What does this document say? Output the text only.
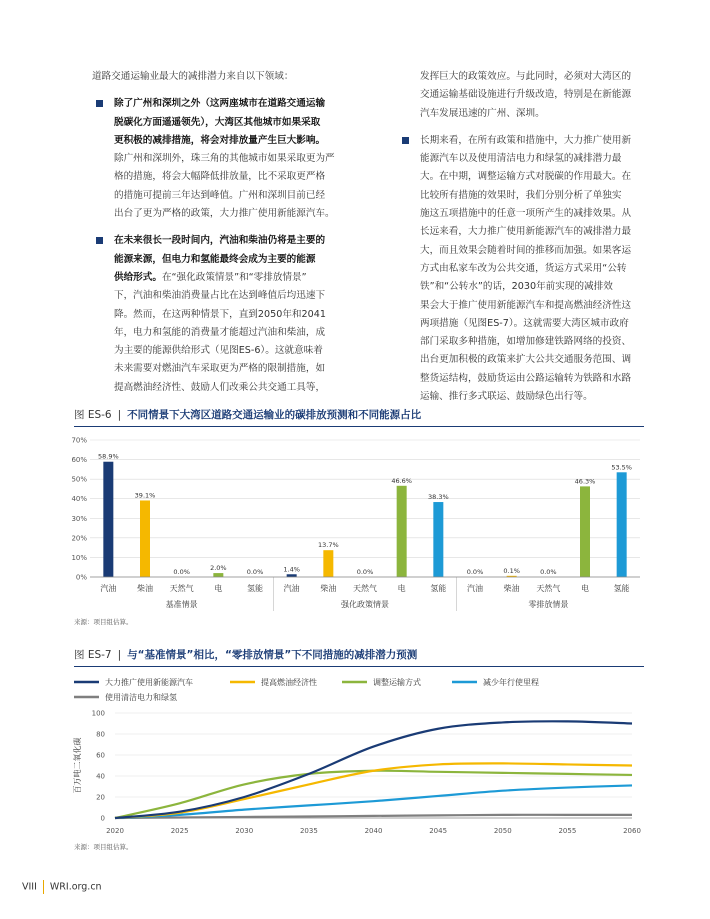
道路交通运输业最大的减排潜力来自以下领域：

除了广州和深圳之外（这两座城市在道路交通运输

脱碳化方面遥遥领先），大湾区其他城市如果采取

更积极的减排措施，将会对排放量产生巨大影响。

除广州和深圳外，珠三角的其他城市如果采取更为严

格的措施，将会大幅降低排放量，比不采取更严格

的措施可提前三年达到峰值。广州和深圳目前已经

出台了更为严格的政策，大力推广使用新能源汽车。

在未来很长一段时间内，汽油和柴油仍将是主要的

能源来源，但电力和氢能最终会成为主要的能源

供给形式。在“强化政策情景”和“零排放情景”

下，汽油和柴油消费量占比在达到峰值后均迅速下

降。然而，在这两种情景下，直到2050年和2041

年，电力和氢能的消费量才能超过汽油和柴油，成

为主要的能源供给形式（见图ES-6）。这就意味着

未来需要对燃油汽车采取更为严格的限制措施，如

提高燃油经济性、鼓励人们改乘公共交通工具等，

发挥巨大的政策效应。与此同时，必须对大湾区的

交通运输基础设施进行升级改造，特别是在新能源

汽车发展迅速的广州、深圳。

长期来看，在所有政策和措施中，大力推广使用新

能源汽车以及使用清洁电力和绿氢的减排潜力最

大。在中期，调整运输方式对脱碳的作用最大。在

比较所有措施的效果时，我们分别分析了单独实

施这五项措施中的任意一项所产生的减排效果。从

长远来看，大力推广使用新能源汽车的减排潜力最

大，而且效果会随着时间的推移而加强。如果客运

方式由私家车改为公共交通，货运方式采用“公转

铁”和“公转水”的话，2030年前实现的减排效

果会大于推广使用新能源汽车和提高燃油经济性这

两项措施（见图ES-7）。这就需要大湾区城市政府

部门采取多种措施，如增加修建铁路网络的投资、

出台更加积极的政策来扩大公共交通服务范围、调

整货运结构，鼓励货运由公路运输转为铁路和水路

运输、推行多式联运、鼓励绿色出行等。

图 ES-6 | 不同情景下大湾区道路交通运输业的碳排放预测和不同能源占比
0%
10%
20%
30%
40%
50%
60%
70%
58.9%
汽油
39.1%
柴油
0.0%
天然气
2.0%
电
0.0%
氢能
基准情景
1.4%
汽油
13.7%
柴油
0.0%
天然气
46.6%
电
38.3%
氢能
强化政策情景
0.0%
汽油
0.1%
柴油
0.0%
天然气
46.3%
电
53.5%
氢能
零排放情景
来源：项目组估算。
图 ES-7 | 与“基准情景”相比，“零排放情景”下不同措施的减排潜力预测
大力推广使用新能源汽车	提高燃油经济性	调整运输方式	减少年行使里程
使用清洁电力和绿氢
0
20
40
60
80
100
2020	2025	2030	2035	2040	2045	2050	2055	2060
百万吨二氧化碳
来源：项目组估算。
VIII WRI.org.cn
